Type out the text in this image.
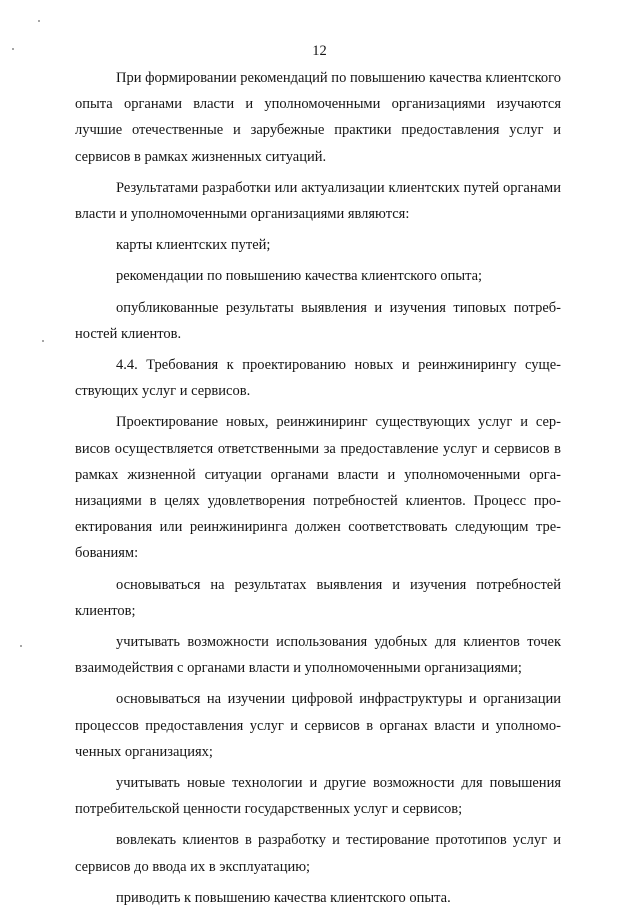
12

При формировании рекомендаций по повышению качества клиентского опыта органами власти и уполномоченными организациями изучаются лучшие отечественные и зарубежные практики предоставления услуг и сервисов в рамках жизненных ситуаций.

Результатами разработки или актуализации клиентских путей органами власти и уполномоченными организациями являются:

карты клиентских путей;

рекомендации по повышению качества клиентского опыта;

опубликованные результаты выявления и изучения типовых потребностей клиентов.

4.4. Требования к проектированию новых и реинжинирингу существующих услуг и сервисов.

Проектирование новых, реинжиниринг существующих услуг и сервисов осуществляется ответственными за предоставление услуг и сервисов в рамках жизненной ситуации органами власти и уполномоченными организациями в целях удовлетворения потребностей клиентов. Процесс проектирования или реинжиниринга должен соответствовать следующим требованиям:

основываться на результатах выявления и изучения потребностей клиентов;

учитывать возможности использования удобных для клиентов точек взаимодействия с органами власти и уполномоченными организациями;

основываться на изучении цифровой инфраструктуры и организации процессов предоставления услуг и сервисов в органах власти и уполномоченных организациях;

учитывать новые технологии и другие возможности для повышения потребительской ценности государственных услуг и сервисов;

вовлекать клиентов в разработку и тестирование прототипов услуг и сервисов до ввода их в эксплуатацию;

приводить к повышению качества клиентского опыта.
